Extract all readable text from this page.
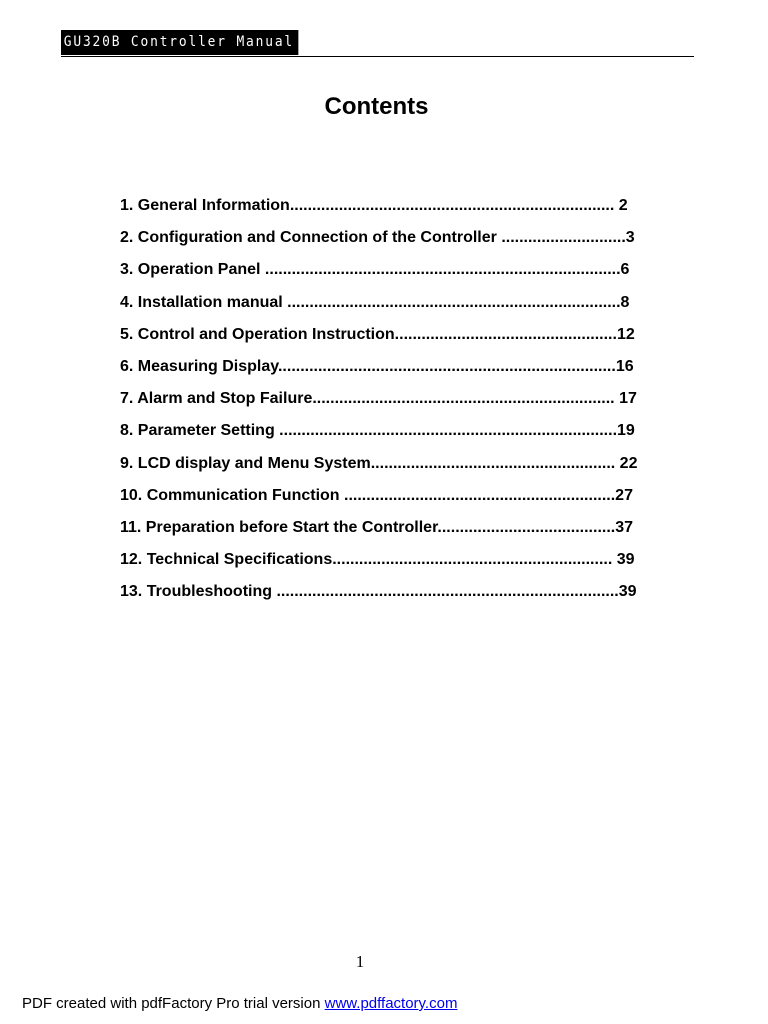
GU320B Controller Manual
Contents
1. General Information......................................................................... 2
2. Configuration and Connection of the Controller ............................3
3. Operation Panel ................................................................................6
4. Installation manual ...........................................................................8
5. Control and Operation Instruction..................................................12
6. Measuring Display............................................................................16
7. Alarm and Stop Failure.................................................................... 17
8. Parameter Setting ............................................................................19
9. LCD display and Menu System....................................................... 22
10. Communication Function .............................................................27
11. Preparation before Start the Controller........................................37
12. Technical Specifications............................................................... 39
13. Troubleshooting .............................................................................39
1
PDF created with pdfFactory Pro trial version www.pdffactory.com
